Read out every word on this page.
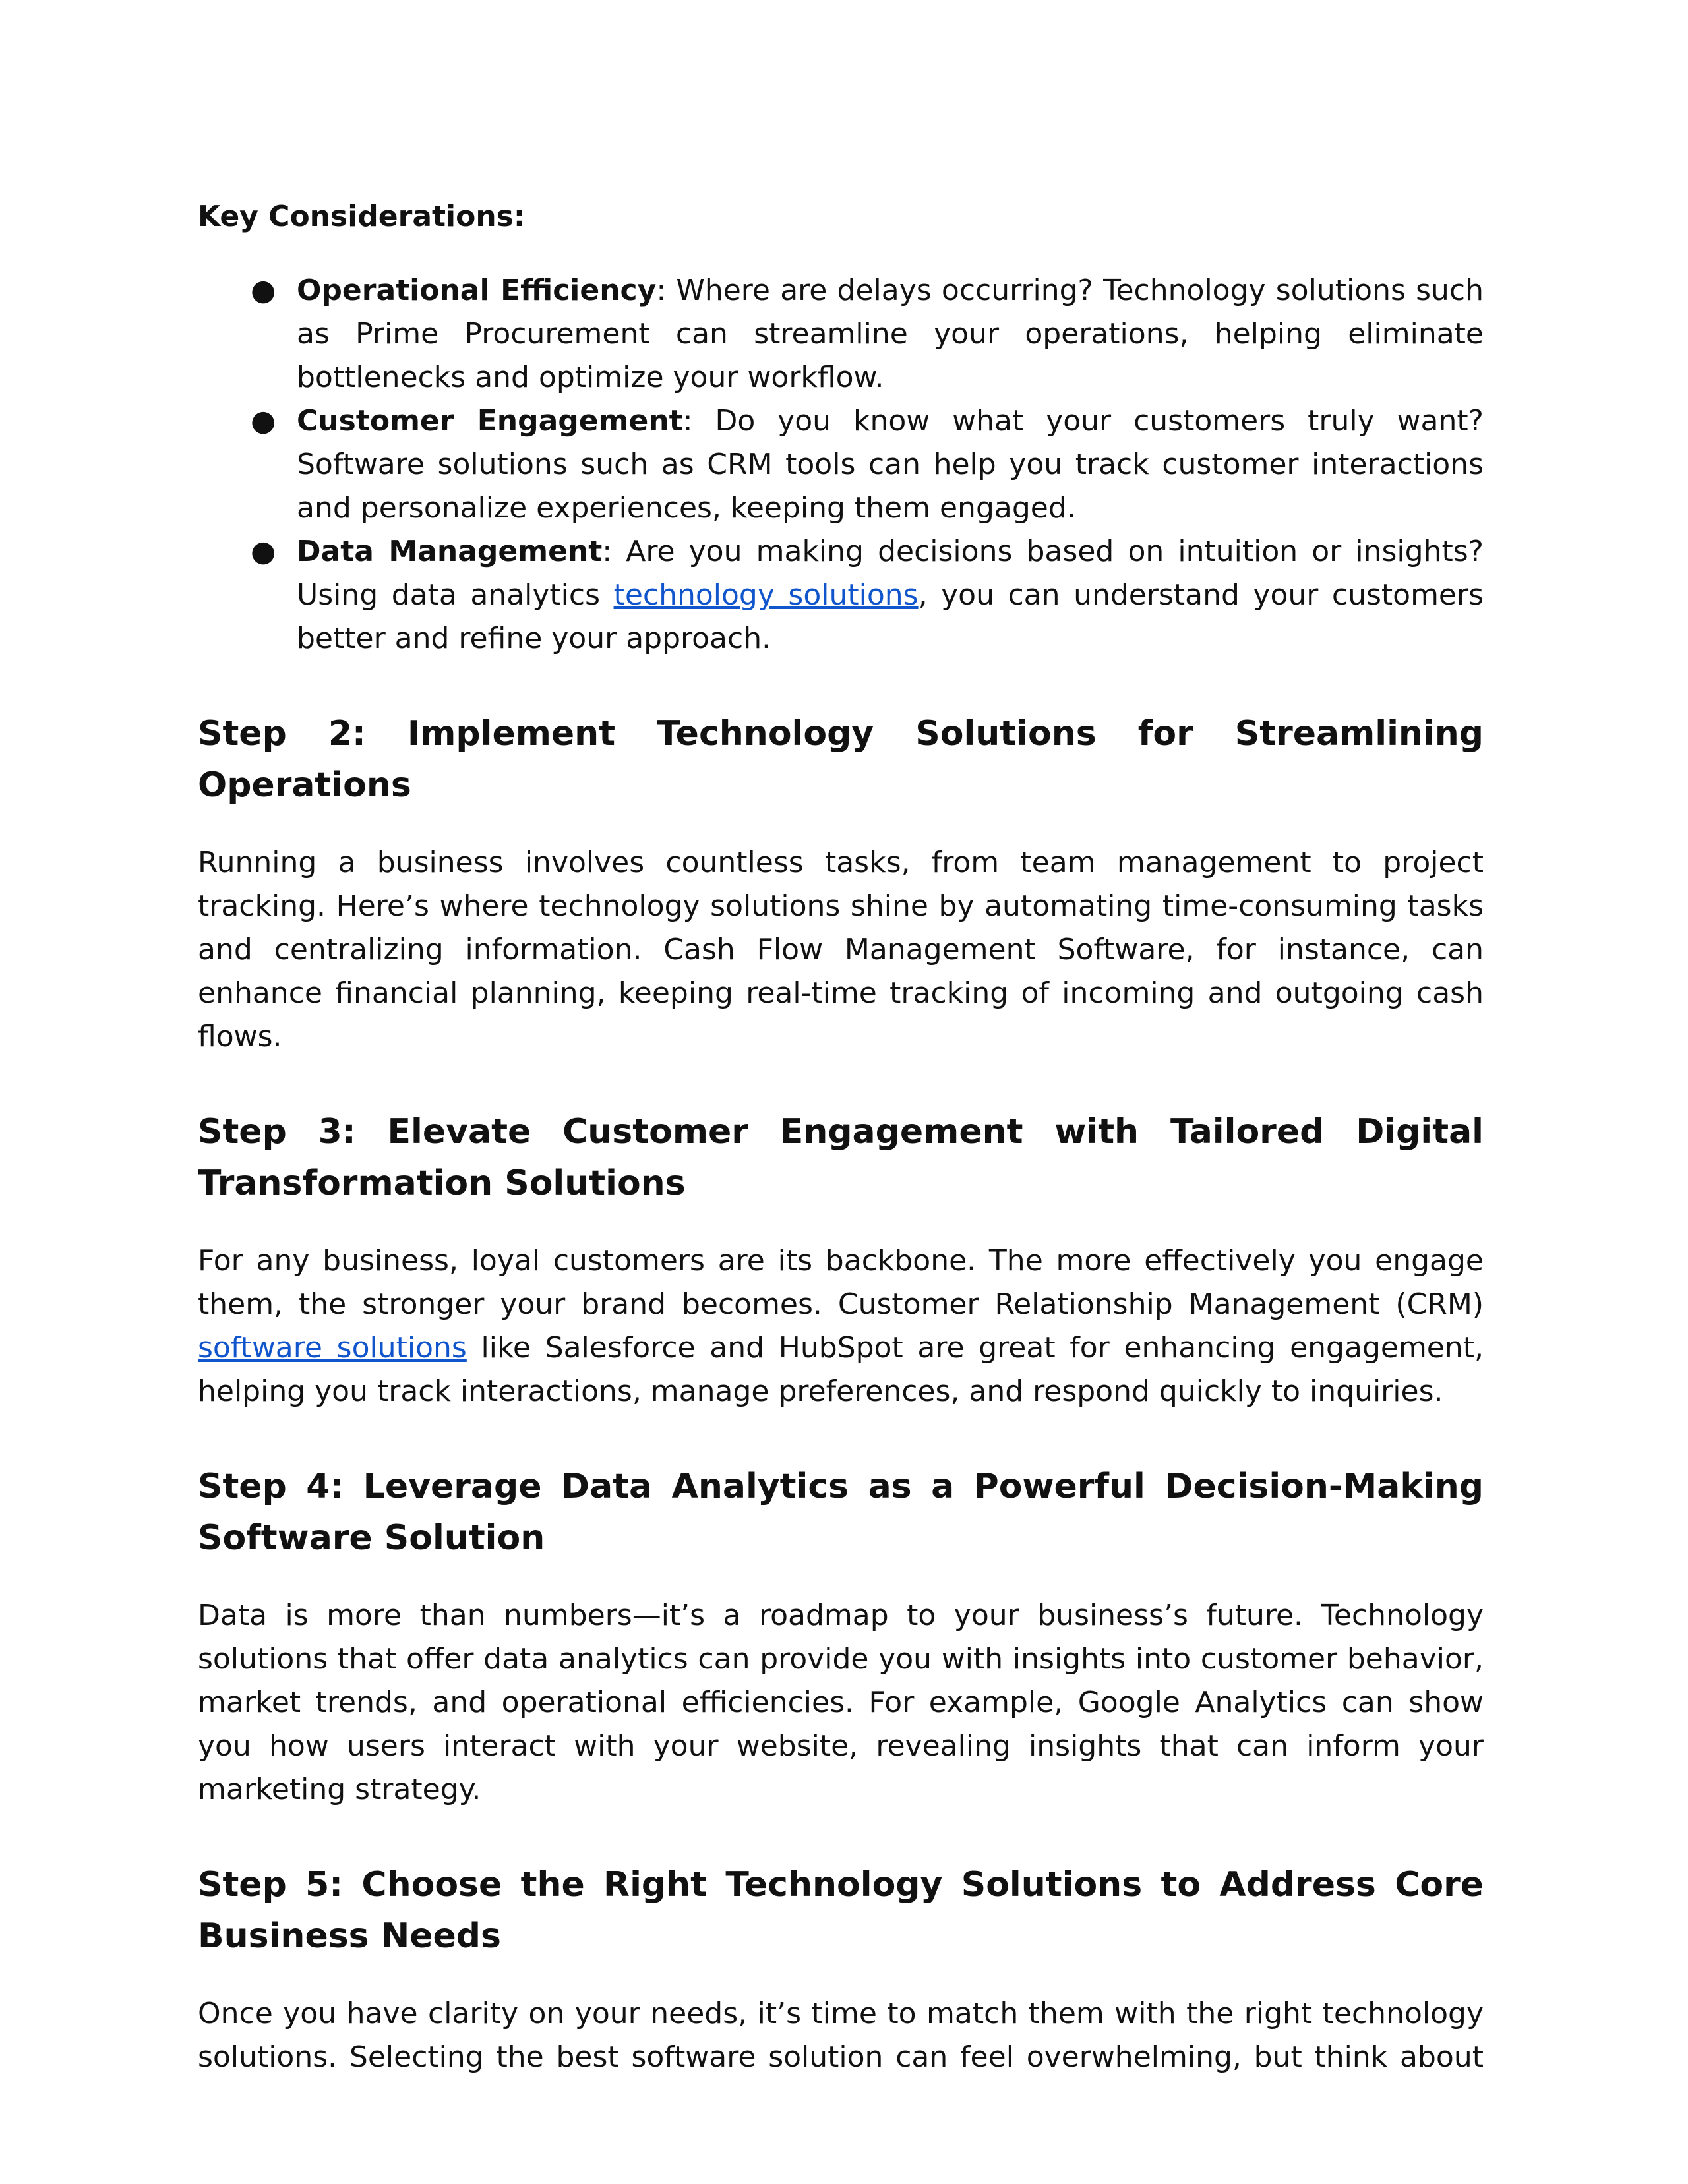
Key Considerations:
● Operational Efficiency: Where are delays occurring? Technology solutions such as Prime Procurement can streamline your operations, helping eliminate bottlenecks and optimize your workflow.
● Customer Engagement: Do you know what your customers truly want? Software solutions such as CRM tools can help you track customer interactions and personalize experiences, keeping them engaged.
● Data Management: Are you making decisions based on intuition or insights? Using data analytics technology solutions, you can understand your customers better and refine your approach.
Step 2: Implement Technology Solutions for Streamlining Operations

Running a business involves countless tasks, from team management to project tracking. Here’s where technology solutions shine by automating time-consuming tasks and centralizing information. Cash Flow Management Software, for instance, can enhance financial planning, keeping real-time tracking of incoming and outgoing cash flows.

Step 3: Elevate Customer Engagement with Tailored Digital Transformation Solutions

For any business, loyal customers are its backbone. The more effectively you engage them, the stronger your brand becomes. Customer Relationship Management (CRM) software solutions like Salesforce and HubSpot are great for enhancing engagement, helping you track interactions, manage preferences, and respond quickly to inquiries.

Step 4: Leverage Data Analytics as a Powerful Decision-Making Software Solution

Data is more than numbers—it’s a roadmap to your business’s future. Technology solutions that offer data analytics can provide you with insights into customer behavior, market trends, and operational efficiencies. For example, Google Analytics can show you how users interact with your website, revealing insights that can inform your marketing strategy.

Step 5: Choose the Right Technology Solutions to Address Core Business Needs

Once you have clarity on your needs, it’s time to match them with the right technology solutions. Selecting the best software solution can feel overwhelming, but think about
